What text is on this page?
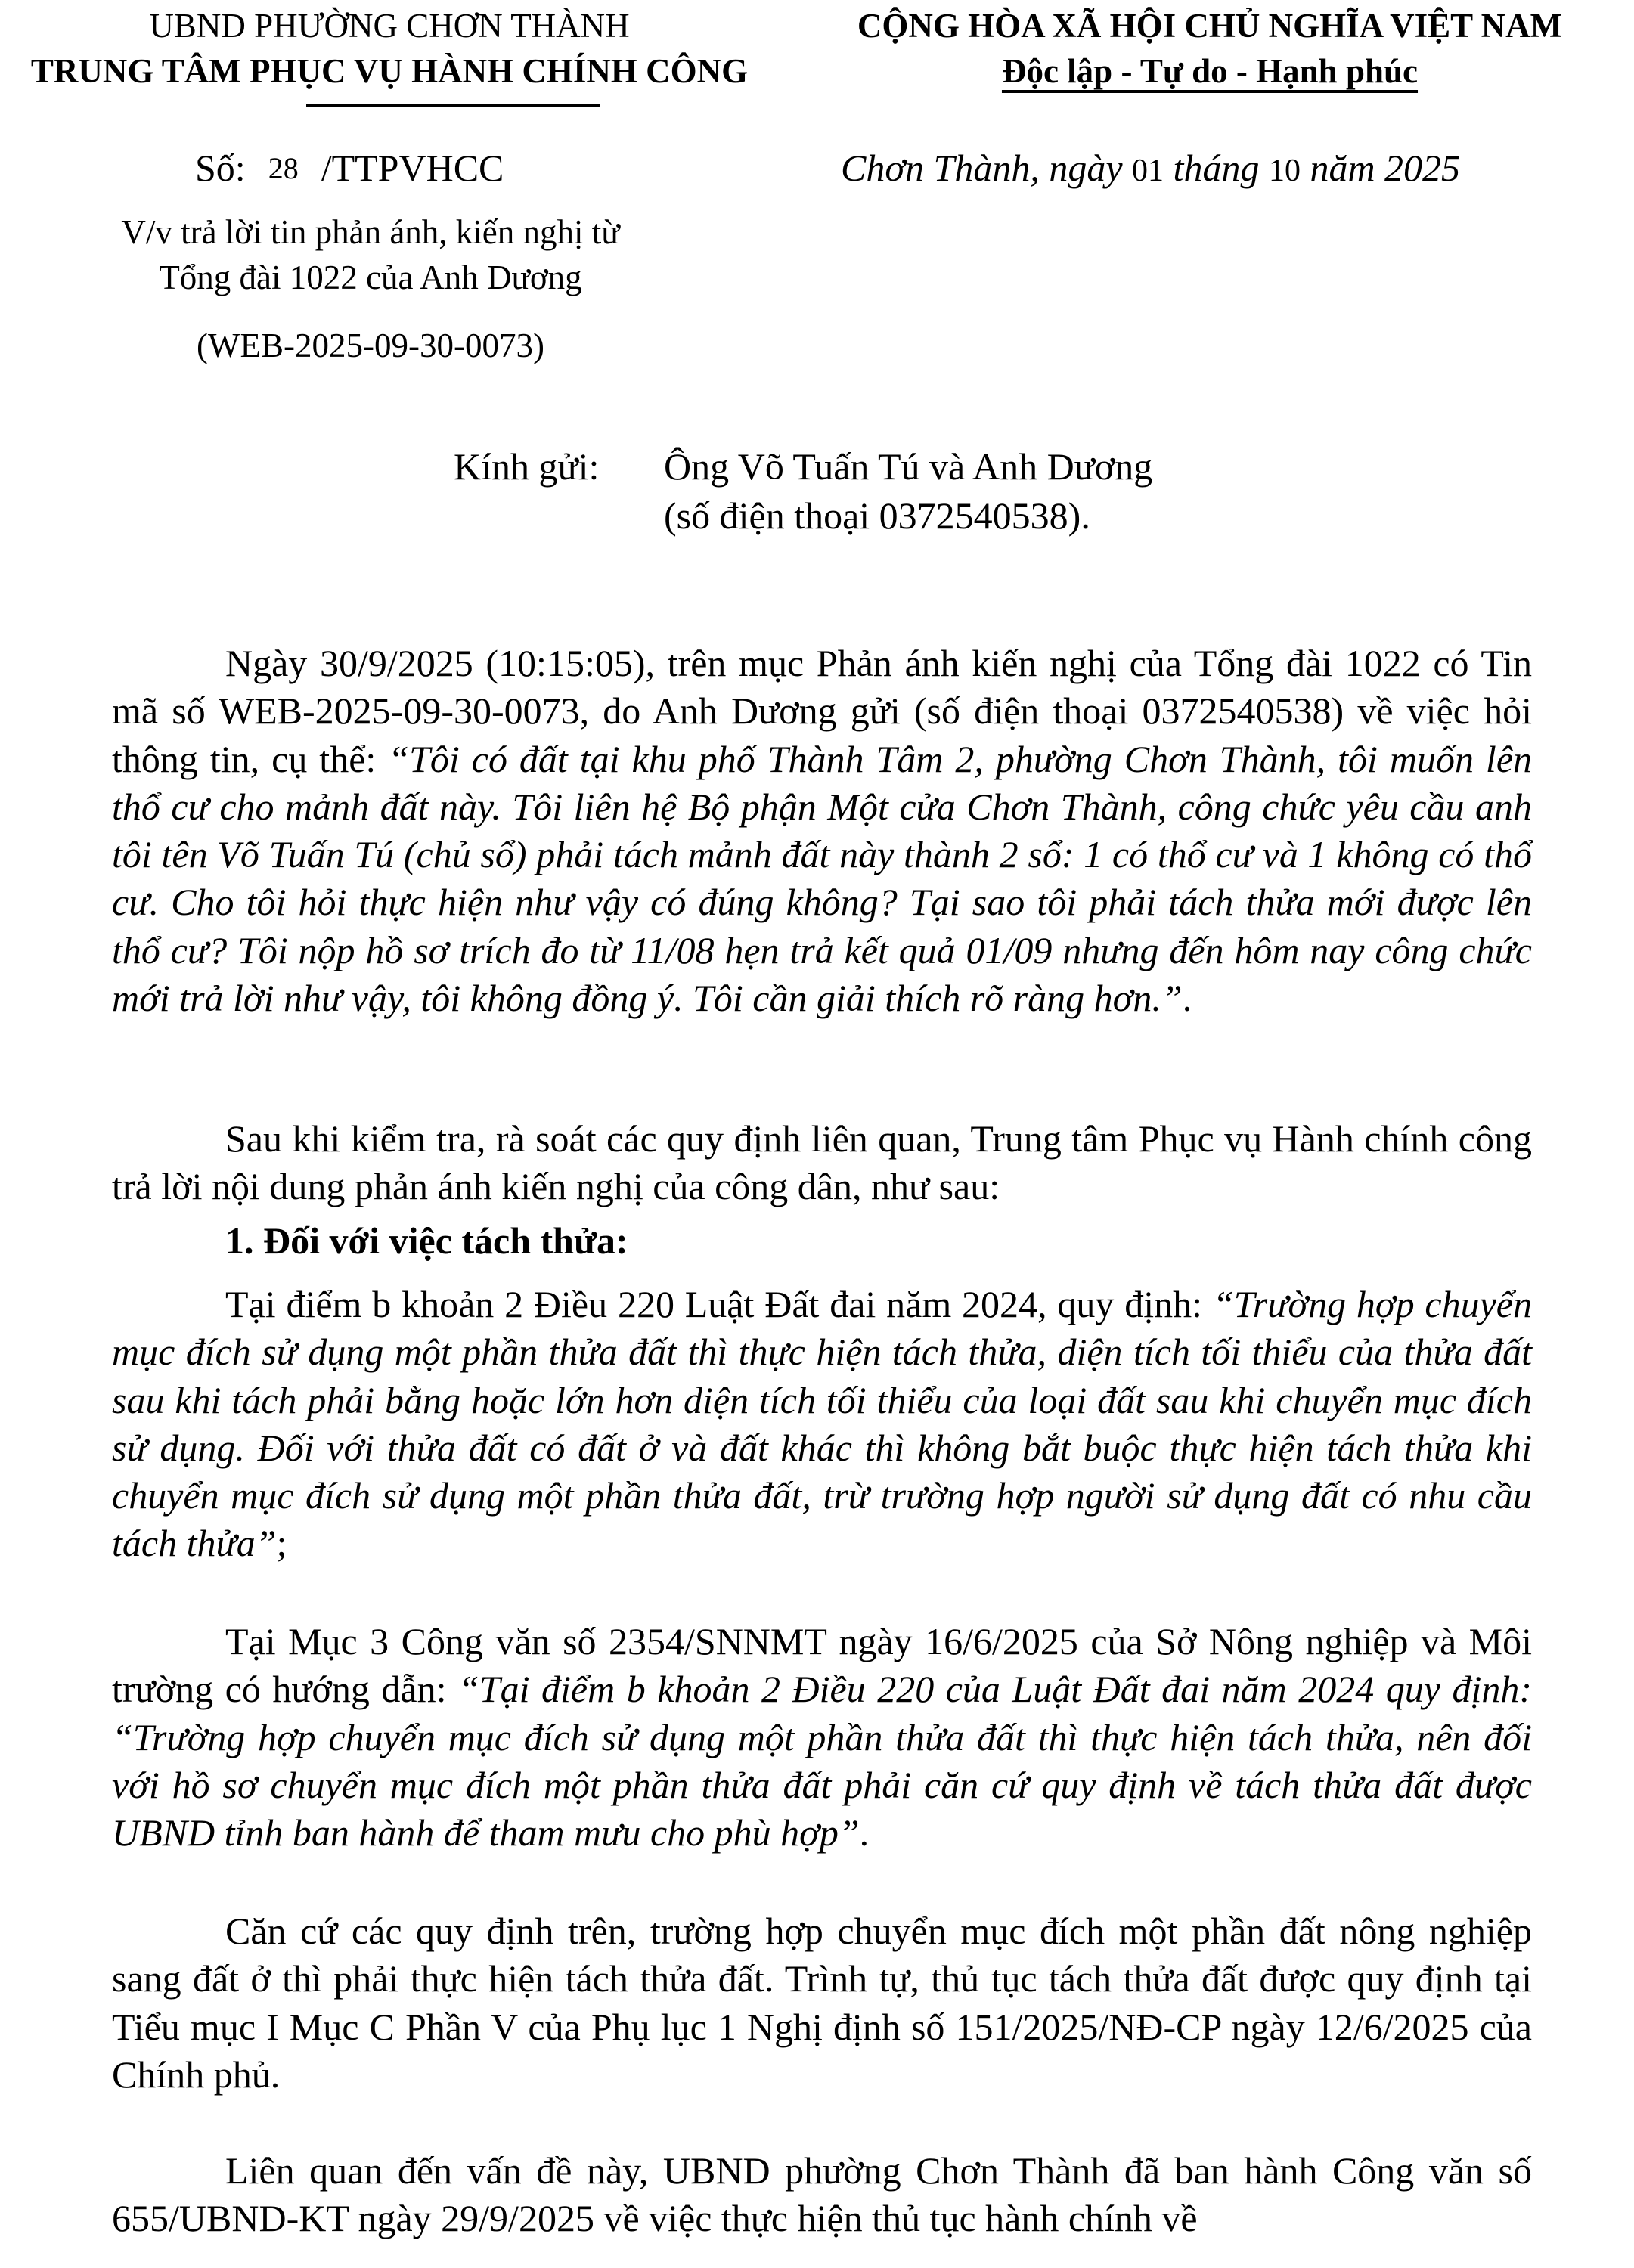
UBND PHƯỜNG CHƠN THÀNH
TRUNG TÂM PHỤC VỤ HÀNH CHÍNH CÔNG
CỘNG HÒA XÃ HỘI CHỦ NGHĨA VIỆT NAM
Độc lập - Tự do - Hạnh phúc
Số: 28 /TTPVHCC	Chơn Thành, ngày 01 tháng 10 năm 2025
V/v trả lời tin phản ánh, kiến nghị từ
Tổng đài 1022 của Anh Dương
(WEB-2025-09-30-0073)
Kính gửi: Ông Võ Tuấn Tú và Anh Dương
(số điện thoại 0372540538).
Ngày 30/9/2025 (10:15:05), trên mục Phản ánh kiến nghị của Tổng đài 1022 có Tin mã số WEB-2025-09-30-0073, do Anh Dương gửi (số điện thoại 0372540538) về việc hỏi thông tin, cụ thể: “Tôi có đất tại khu phố Thành Tâm 2, phường Chơn Thành, tôi muốn lên thổ cư cho mảnh đất này. Tôi liên hệ Bộ phận Một cửa Chơn Thành, công chức yêu cầu anh tôi tên Võ Tuấn Tú (chủ sổ) phải tách mảnh đất này thành 2 sổ: 1 có thổ cư và 1 không có thổ cư. Cho tôi hỏi thực hiện như vậy có đúng không? Tại sao tôi phải tách thửa mới được lên thổ cư? Tôi nộp hồ sơ trích đo từ 11/08 hẹn trả kết quả 01/09 nhưng đến hôm nay công chức mới trả lời như vậy, tôi không đồng ý. Tôi cần giải thích rõ ràng hơn.”.
Sau khi kiểm tra, rà soát các quy định liên quan, Trung tâm Phục vụ Hành chính công trả lời nội dung phản ánh kiến nghị của công dân, như sau:
1. Đối với việc tách thửa:
Tại điểm b khoản 2 Điều 220 Luật Đất đai năm 2024, quy định: “Trường hợp chuyển mục đích sử dụng một phần thửa đất thì thực hiện tách thửa, diện tích tối thiểu của thửa đất sau khi tách phải bằng hoặc lớn hơn diện tích tối thiểu của loại đất sau khi chuyển mục đích sử dụng. Đối với thửa đất có đất ở và đất khác thì không bắt buộc thực hiện tách thửa khi chuyển mục đích sử dụng một phần thửa đất, trừ trường hợp người sử dụng đất có nhu cầu tách thửa”;
Tại Mục 3 Công văn số 2354/SNNMT ngày 16/6/2025 của Sở Nông nghiệp và Môi trường có hướng dẫn: “Tại điểm b khoản 2 Điều 220 của Luật Đất đai năm 2024 quy định: “Trường hợp chuyển mục đích sử dụng một phần thửa đất thì thực hiện tách thửa, nên đối với hồ sơ chuyển mục đích một phần thửa đất phải căn cứ quy định về tách thửa đất được UBND tỉnh ban hành để tham mưu cho phù hợp”.
Căn cứ các quy định trên, trường hợp chuyển mục đích một phần đất nông nghiệp sang đất ở thì phải thực hiện tách thửa đất. Trình tự, thủ tục tách thửa đất được quy định tại Tiểu mục I Mục C Phần V của Phụ lục 1 Nghị định số 151/2025/NĐ-CP ngày 12/6/2025 của Chính phủ.
Liên quan đến vấn đề này, UBND phường Chơn Thành đã ban hành Công văn số 655/UBND-KT ngày 29/9/2025 về việc thực hiện thủ tục hành chính về
